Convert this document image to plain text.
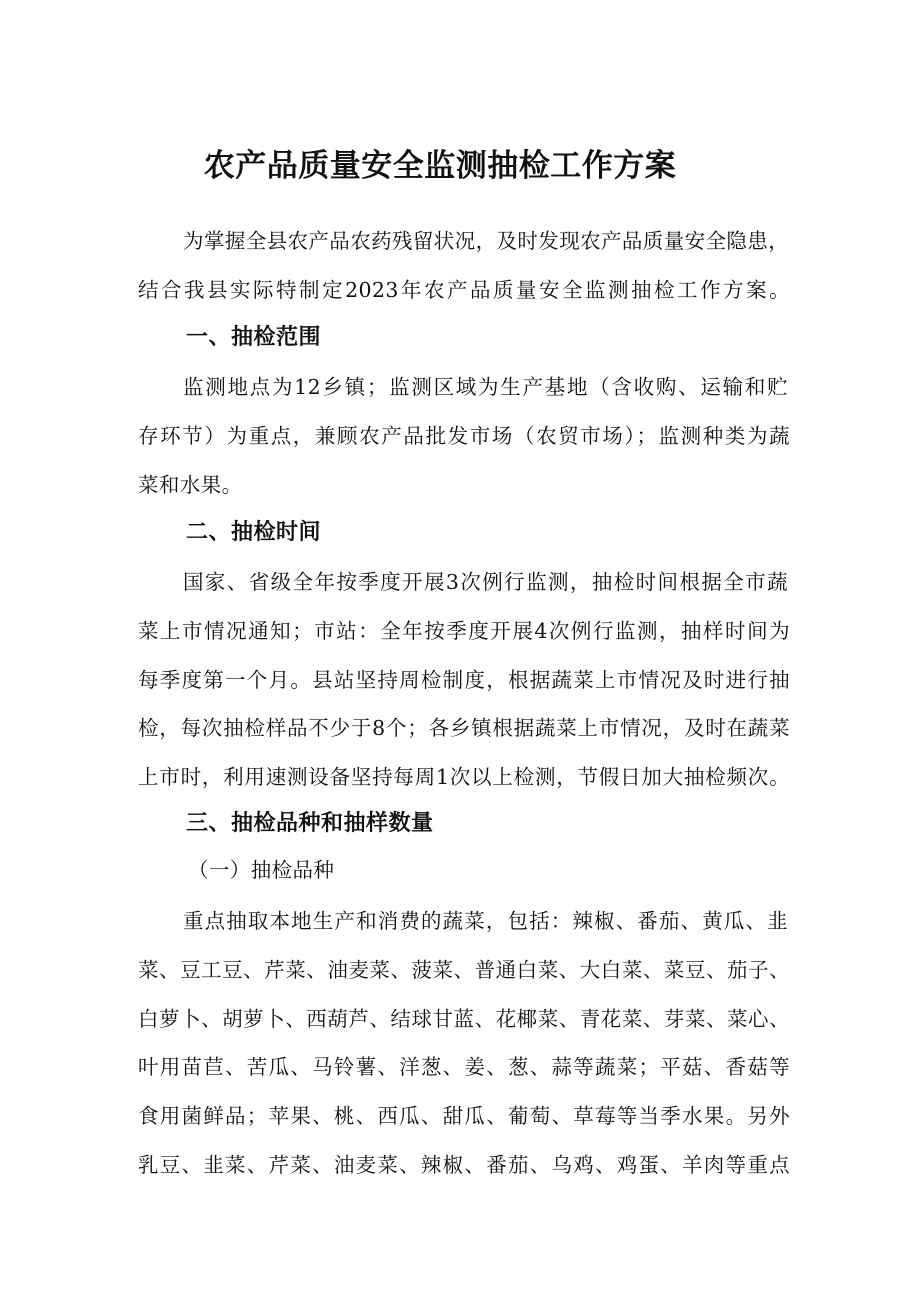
农产品质量安全监测抽检工作方案
为掌握全县农产品农药残留状况，及时发现农产品质量安全隐患，
结合我县实际特制定2023年农产品质量安全监测抽检工作方案。
一、抽检范围
监测地点为12乡镇；监测区域为生产基地（含收购、运输和贮
存环节）为重点，兼顾农产品批发市场（农贸市场）；监测种类为蔬
菜和水果。
二、抽检时间
国家、省级全年按季度开展3次例行监测，抽检时间根据全市蔬
菜上市情况通知；市站：全年按季度开展4次例行监测，抽样时间为
每季度第一个月。县站坚持周检制度，根据蔬菜上市情况及时进行抽
检，每次抽检样品不少于8个；各乡镇根据蔬菜上市情况，及时在蔬菜
上市时，利用速测设备坚持每周1次以上检测，节假日加大抽检频次。
三、抽检品种和抽样数量
（一）抽检品种
重点抽取本地生产和消费的蔬菜，包括：辣椒、番茄、黄瓜、韭
菜、豆工豆、芹菜、油麦菜、菠菜、普通白菜、大白菜、菜豆、茄子、
白萝卜、胡萝卜、西葫芦、结球甘蓝、花椰菜、青花菜、芽菜、菜心、
叶用苗苣、苦瓜、马铃薯、洋葱、姜、葱、蒜等蔬菜；平菇、香菇等
食用菌鲜品；苹果、桃、西瓜、甜瓜、葡萄、草莓等当季水果。另外
乳豆、韭菜、芹菜、油麦菜、辣椒、番茄、乌鸡、鸡蛋、羊肉等重点
